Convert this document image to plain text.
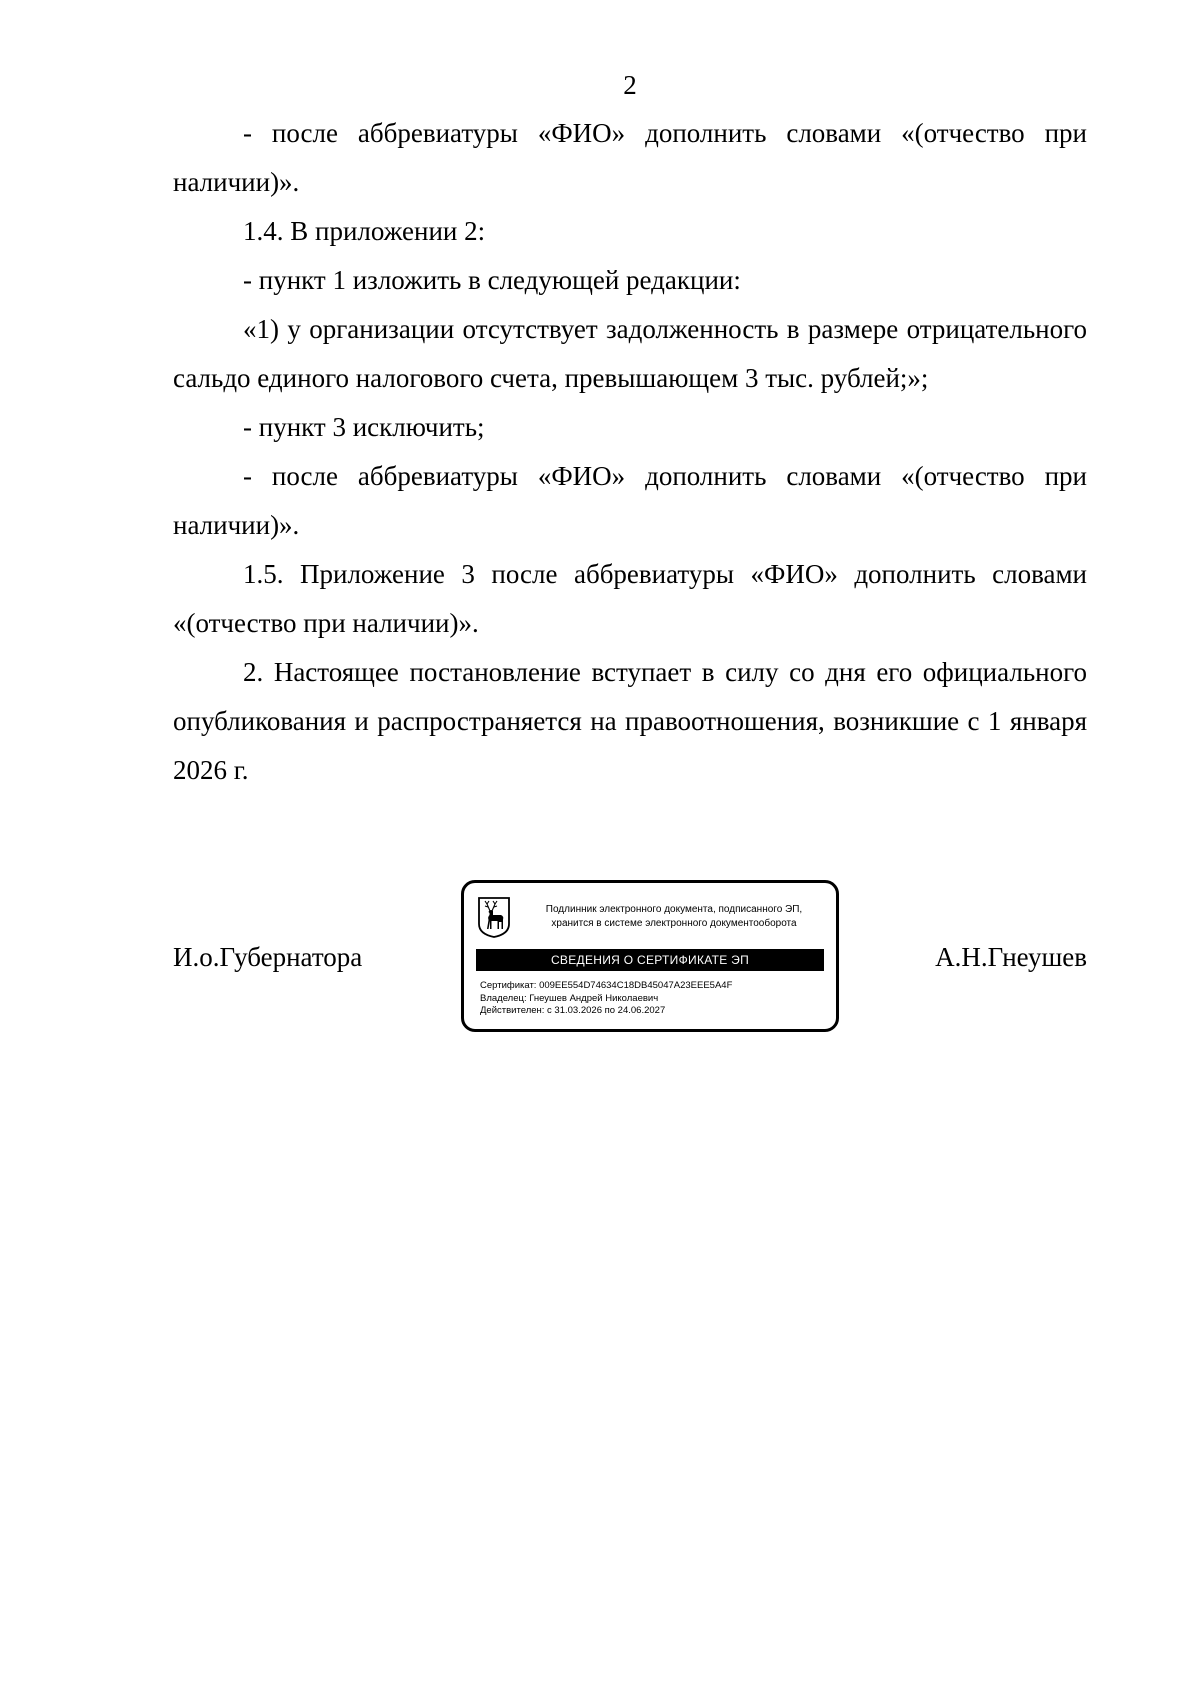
2

- после аббревиатуры «ФИО» дополнить словами «(отчество при наличии)».

1.4. В приложении 2:

- пункт 1 изложить в следующей редакции:

«1) у организации отсутствует задолженность в размере отрицательного сальдо единого налогового счета, превышающем 3 тыс. рублей;»;

- пункт 3 исключить;

- после аббревиатуры «ФИО» дополнить словами «(отчество при наличии)».

1.5. Приложение 3 после аббревиатуры «ФИО» дополнить словами «(отчество при наличии)».

2. Настоящее постановление вступает в силу со дня его официального опубликования и распространяется на правоотношения, возникшие с 1 января 2026 г.

И.о.Губернатора
Подлинник электронного документа, подписанного ЭП,
хранится в системе электронного документооборота
СВЕДЕНИЯ О СЕРТИФИКАТЕ ЭП
Сертификат: 009EE554D74634C18DB45047A23EEE5A4F
Владелец: Гнеушев Андрей Николаевич
Действителен: с 31.03.2026 по 24.06.2027
А.Н.Гнеушев
